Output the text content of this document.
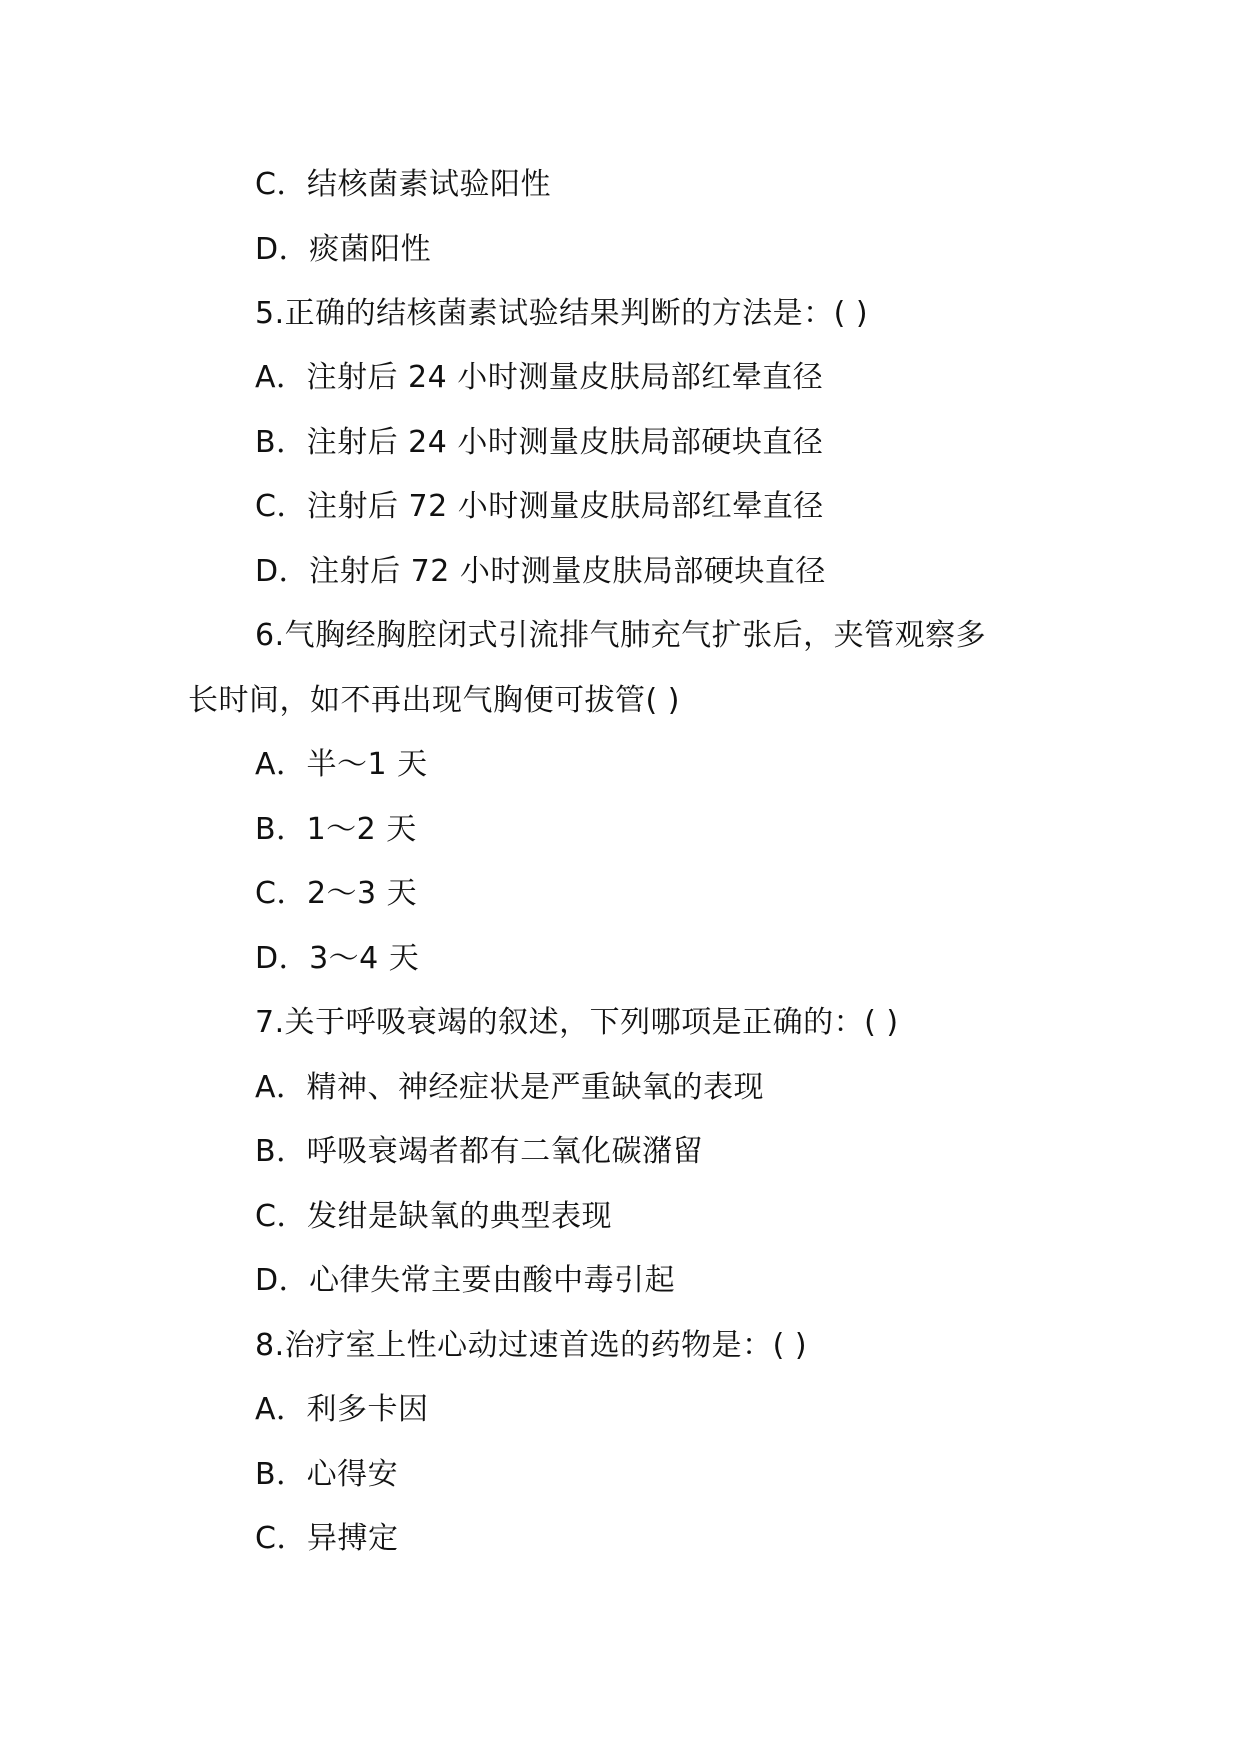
C．结核菌素试验阳性
D．痰菌阳性
5.正确的结核菌素试验结果判断的方法是：( )
A．注射后 24 小时测量皮肤局部红晕直径
B．注射后 24 小时测量皮肤局部硬块直径
C．注射后 72 小时测量皮肤局部红晕直径
D．注射后 72 小时测量皮肤局部硬块直径
6.气胸经胸腔闭式引流排气肺充气扩张后，夹管观察多
长时间，如不再出现气胸便可拔管( )
A．半～1 天
B．1～2 天
C．2～3 天
D．3～4 天
7.关于呼吸衰竭的叙述，下列哪项是正确的：( )
A．精神、神经症状是严重缺氧的表现
B．呼吸衰竭者都有二氧化碳潴留
C．发绀是缺氧的典型表现
D．心律失常主要由酸中毒引起
8.治疗室上性心动过速首选的药物是：( )
A．利多卡因
B．心得安
C．异搏定
